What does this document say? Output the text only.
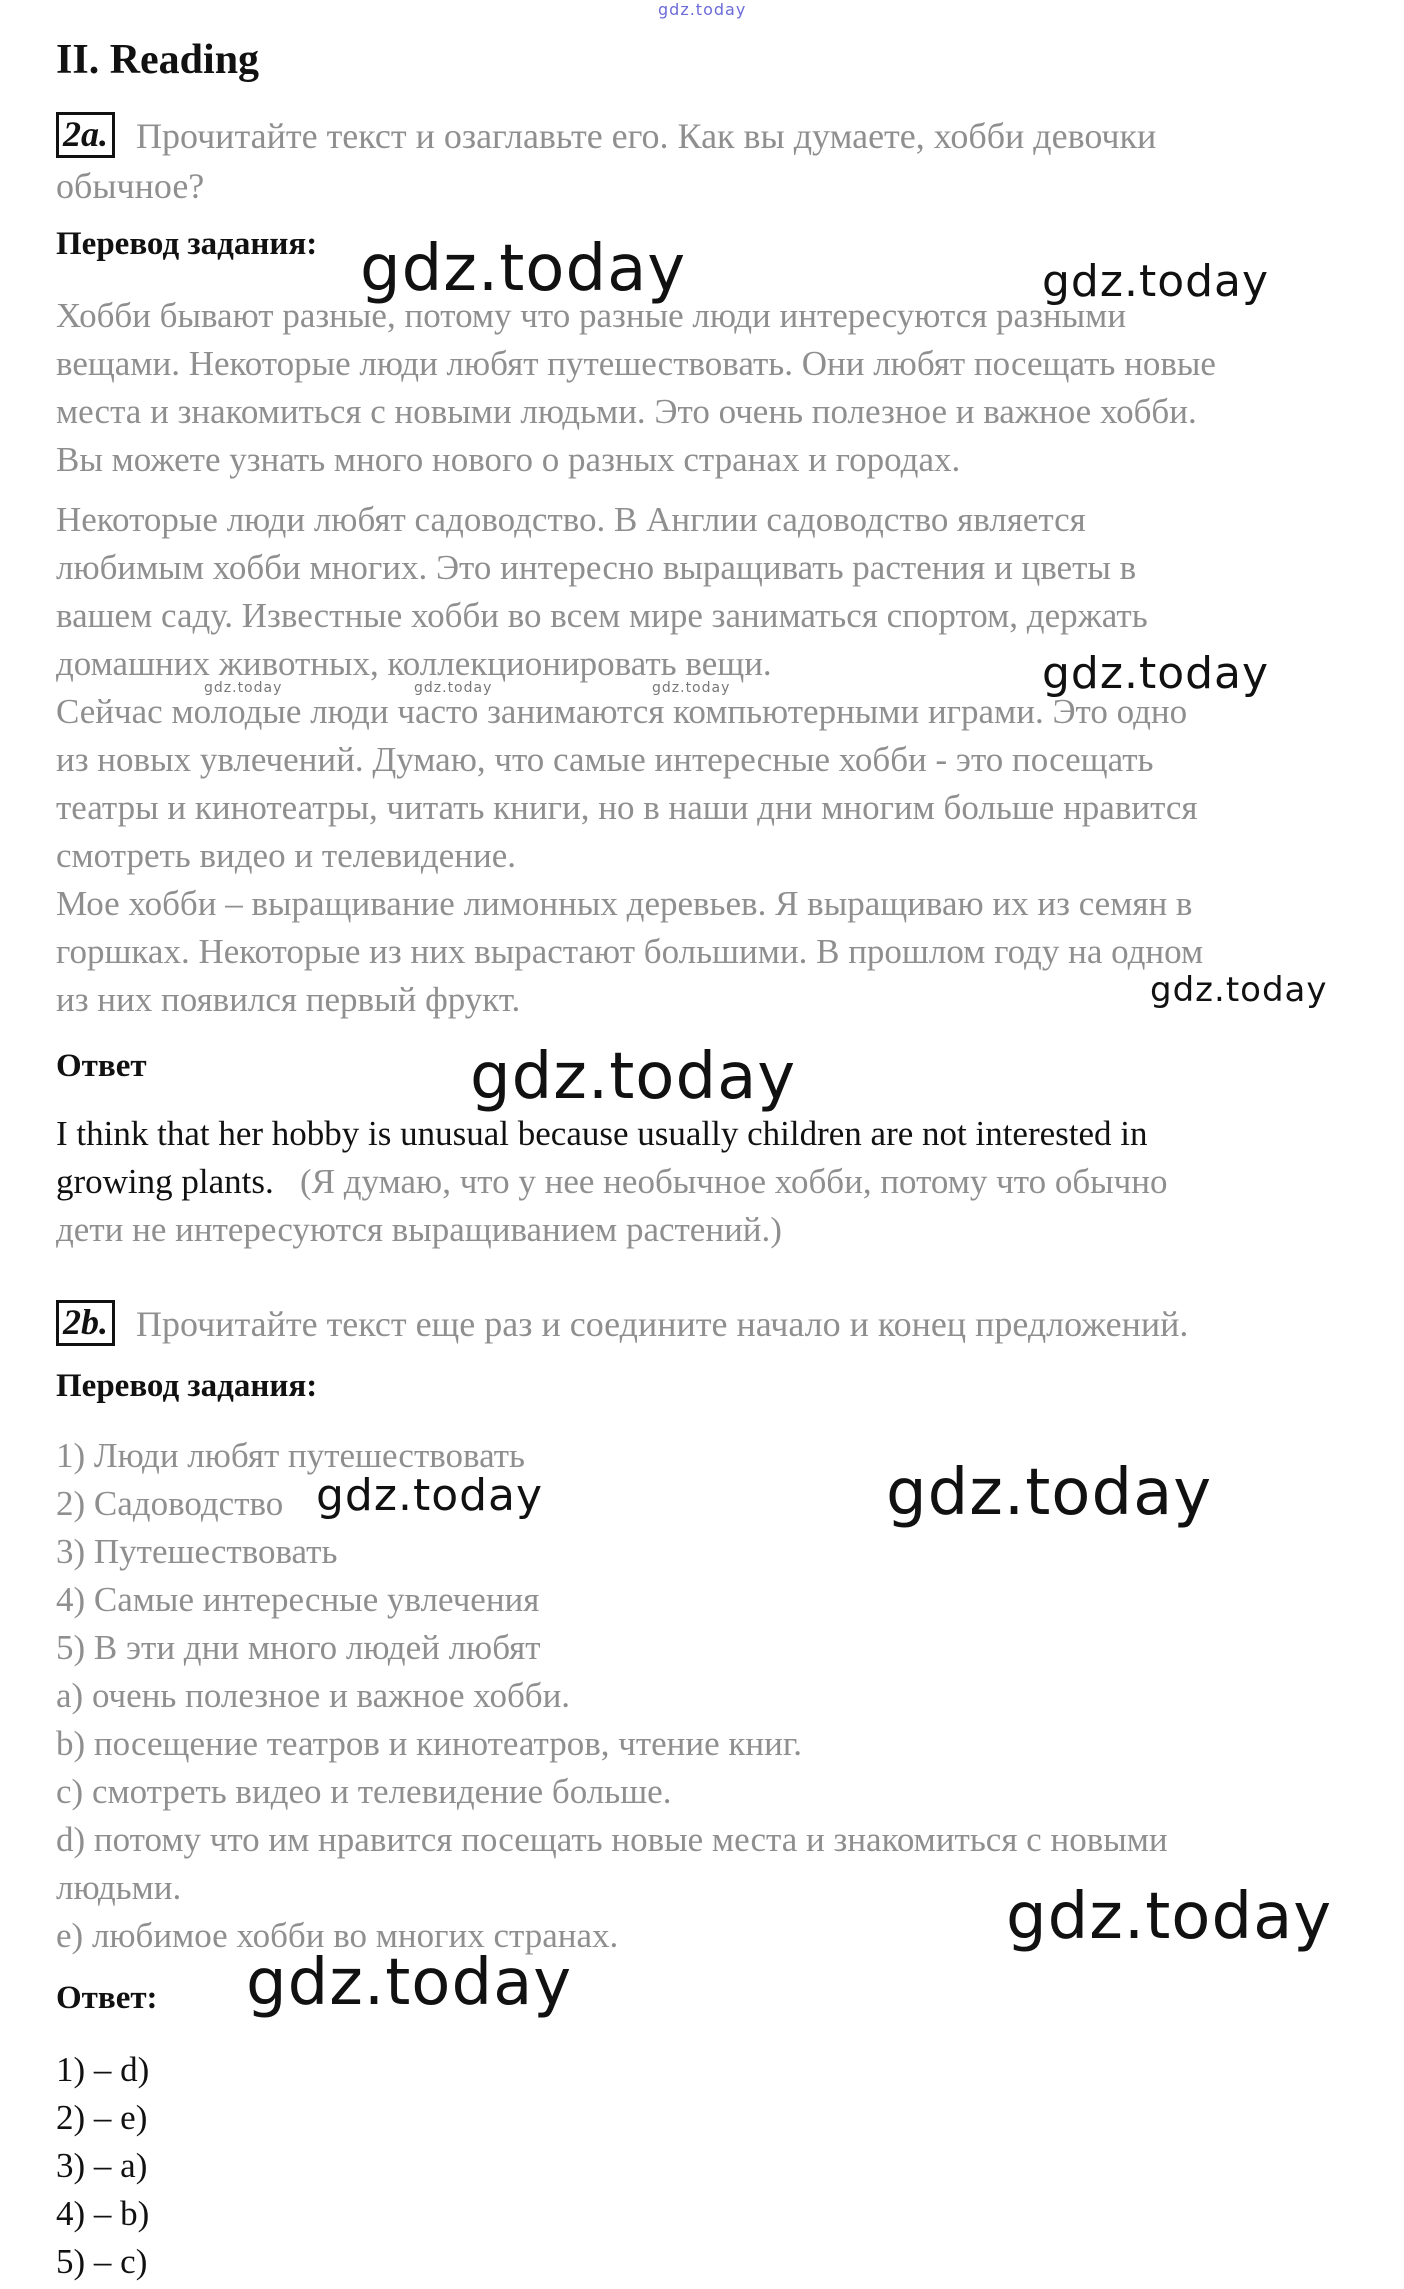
gdz.today
II. Reading
2a. Прочитайте текст и озаглавьте его. Как вы думаете, хобби девочки
обычное?
Перевод задания: gdz.today	gdz.today
Хобби бывают разные, потому что разные люди интересуются разными
вещами. Некоторые люди любят путешествовать. Они любят посещать новые
места и знакомиться с новыми людьми. Это очень полезное и важное хобби.
Вы можете узнать много нового о разных странах и городах.
Некоторые люди любят садоводство. В Англии садоводство является
любимым хобби многих. Это интересно выращивать растения и цветы в
вашем саду. Известные хобби во всем мире заниматься спортом, держать
домашних животных, коллекционировать вещи.
gdz.today	gdz.today	gdz.today	gdz.today
Сейчас молодые люди часто занимаются компьютерными играми. Это одно
из новых увлечений. Думаю, что самые интересные хобби - это посещать
театры и кинотеатры, читать книги, но в наши дни многим больше нравится
смотреть видео и телевидение.
Мое хобби – выращивание лимонных деревьев. Я выращиваю их из семян в
горшках. Некоторые из них вырастают большими. В прошлом году на одном
из них появился первый фрукт.	gdz.today
Ответ	gdz.today
I think that her hobby is unusual because usually children are not interested in
growing plants. (Я думаю, что у нее необычное хобби, потому что обычно
дети не интересуются выращиванием растений.)
2b. Прочитайте текст еще раз и соедините начало и конец предложений.
Перевод задания:
1) Люди любят путешествовать
2) Садоводство gdz.today	gdz.today
3) Путешествовать
4) Самые интересные увлечения
5) В эти дни много людей любят
a) очень полезное и важное хобби.
b) посещение театров и кинотеатров, чтение книг.
c) смотреть видео и телевидение больше.
d) потому что им нравится посещать новые места и знакомиться с новыми
людьми.	gdz.today
e) любимое хобби во многих странах.
Ответ: gdz.today
1) – d)
2) – e)
3) – a)
4) – b)
5) – c)
